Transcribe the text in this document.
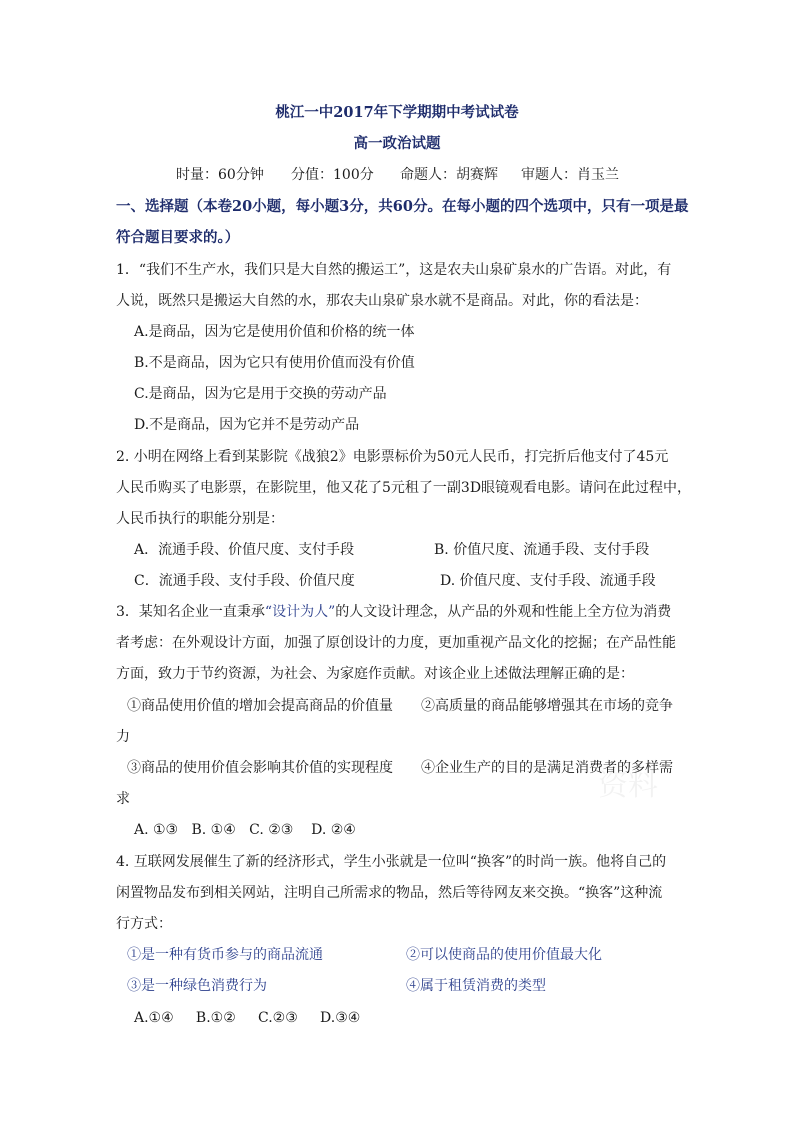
桃江一中2017年下学期期中考试试卷
高一政治试题
时量：60分钟 分值：100分 命题人：胡赛辉 审题人：肖玉兰
一、选择题（本卷20小题，每小题3分，共60分。在每小题的四个选项中，只有一项是最
符合题目要求的。）
1．“我们不生产水，我们只是大自然的搬运工”，这是农夫山泉矿泉水的广告语。对此，有
人说，既然只是搬运大自然的水，那农夫山泉矿泉水就不是商品。对此，你的看法是：
A.是商品，因为它是使用价值和价格的统一体
B.不是商品，因为它只有使用价值而没有价值
C.是商品，因为它是用于交换的劳动产品
D.不是商品，因为它并不是劳动产品
2. 小明在网络上看到某影院《战狼2》电影票标价为50元人民币，打完折后他支付了45元
人民币购买了电影票，在影院里，他又花了5元租了一副3D眼镜观看电影。请问在此过程中，
人民币执行的职能分别是：
A．流通手段、价值尺度、支付手段	B. 价值尺度、流通手段、支付手段
C．流通手段、支付手段、价值尺度	D. 价值尺度、支付手段、流通手段
3．某知名企业一直秉承“设计为人”的人文设计理念，从产品的外观和性能上全方位为消费
者考虑：在外观设计方面，加强了原创设计的力度，更加重视产品文化的挖掘；在产品性能
方面，致力于节约资源，为社会、为家庭作贡献。对该企业上述做法理解正确的是：
①商品使用价值的增加会提高商品的价值量 ②高质量的商品能够增强其在市场的竞争
力
③商品的使用价值会影响其价值的实现程度 ④企业生产的目的是满足消费者的多样需
求
A. ①③   B. ①④   C. ②③    D. ②④
4. 互联网发展催生了新的经济形式，学生小张就是一位叫“换客”的时尚一族。他将自己的
闲置物品发布到相关网站，注明自己所需求的物品，然后等待网友来交换。“换客”这种流
行方式：
①是一种有货币参与的商品流通	②可以使商品的使用价值最大化
③是一种绿色消费行为	④属于租赁消费的类型
A.①④     B.①②     C.②③     D.③④
资料
